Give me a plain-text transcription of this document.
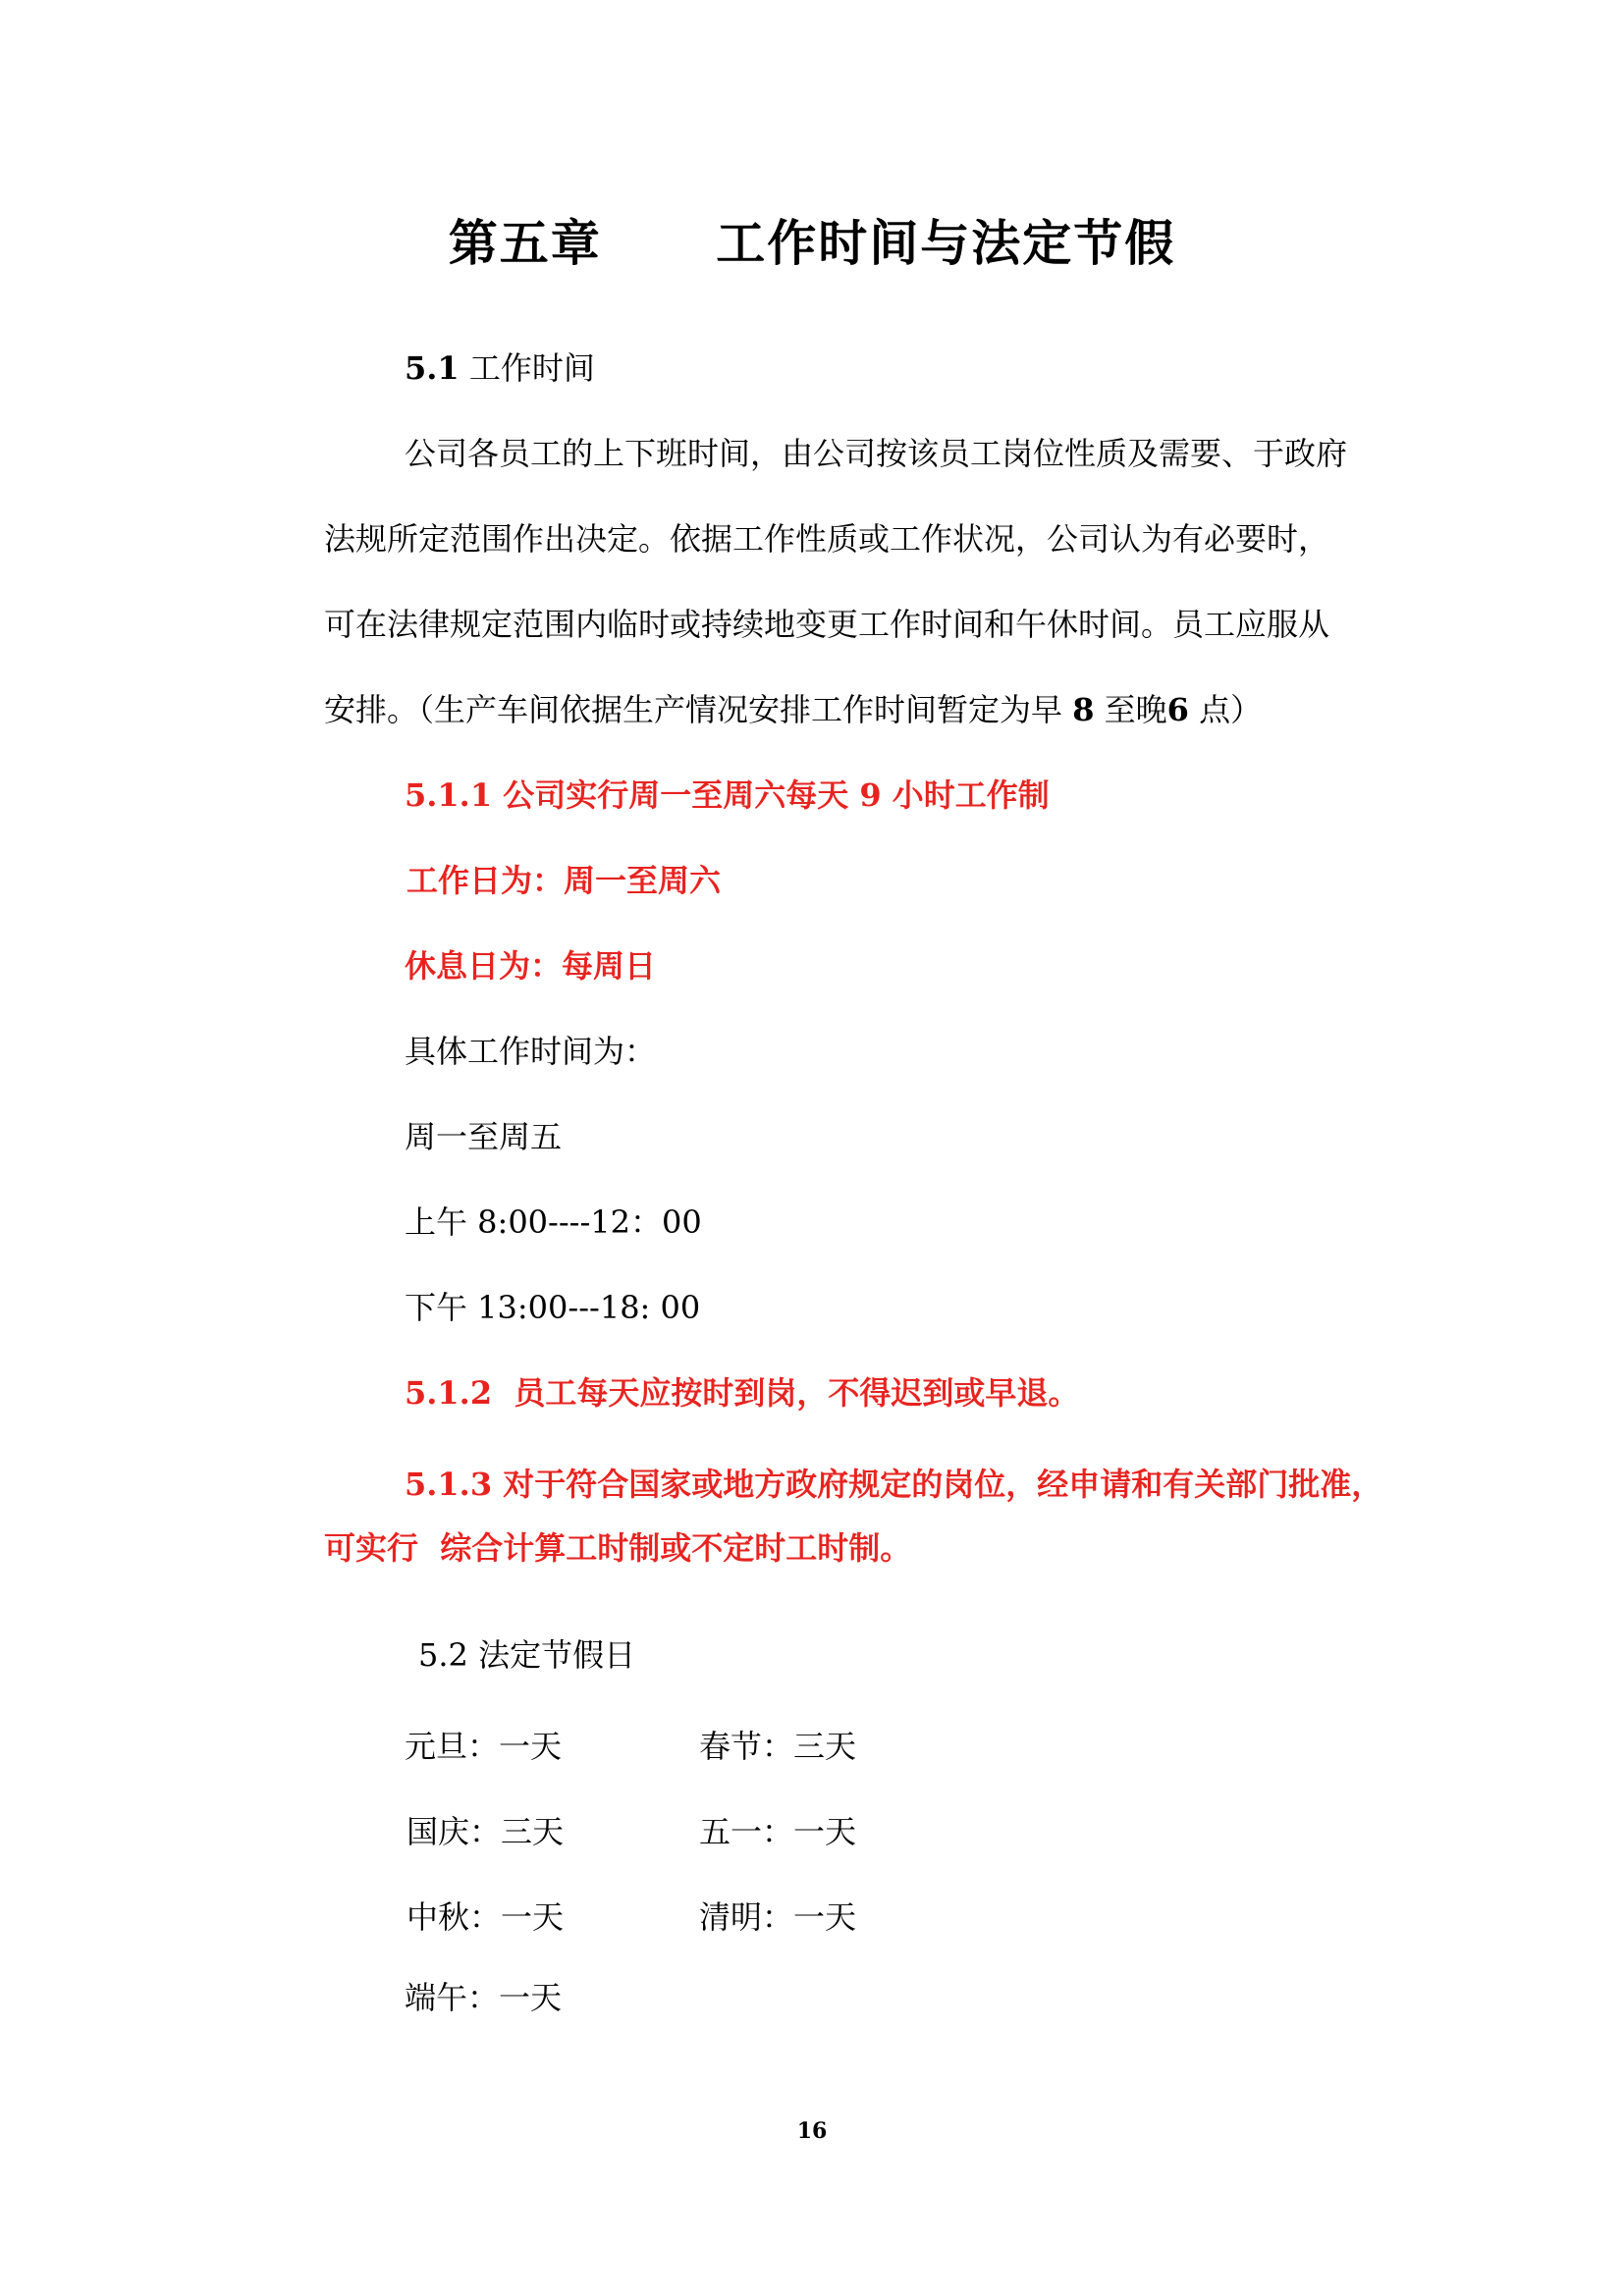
第五章      工作时间与法定节假
5.1 工作时间
公司各员工的上下班时间，由公司按该员工岗位性质及需要、于政府
法规所定范围作出决定。依据工作性质或工作状况，公司认为有必要时，
可在法律规定范围内临时或持续地变更工作时间和午休时间。员工应服从
安排。（生产车间依据生产情况安排工作时间暂定为早 8 至晚6 点）
5.1.1 公司实行周一至周六每天 9 小时工作制
工作日为：周一至周六
休息日为：每周日
具体工作时间为：
周一至周五
上午 8:00----12：00
下午 13:00---18: 00
5.1.2  员工每天应按时到岗，不得迟到或早退。
5.1.3 对于符合国家或地方政府规定的岗位，经申请和有关部门批准，
可实行  综合计算工时制或不定时工时制。
5.2 法定节假日
元旦：一天	春节：三天
国庆：三天	五一：一天
中秋：一天	清明：一天
端午：一天
16
